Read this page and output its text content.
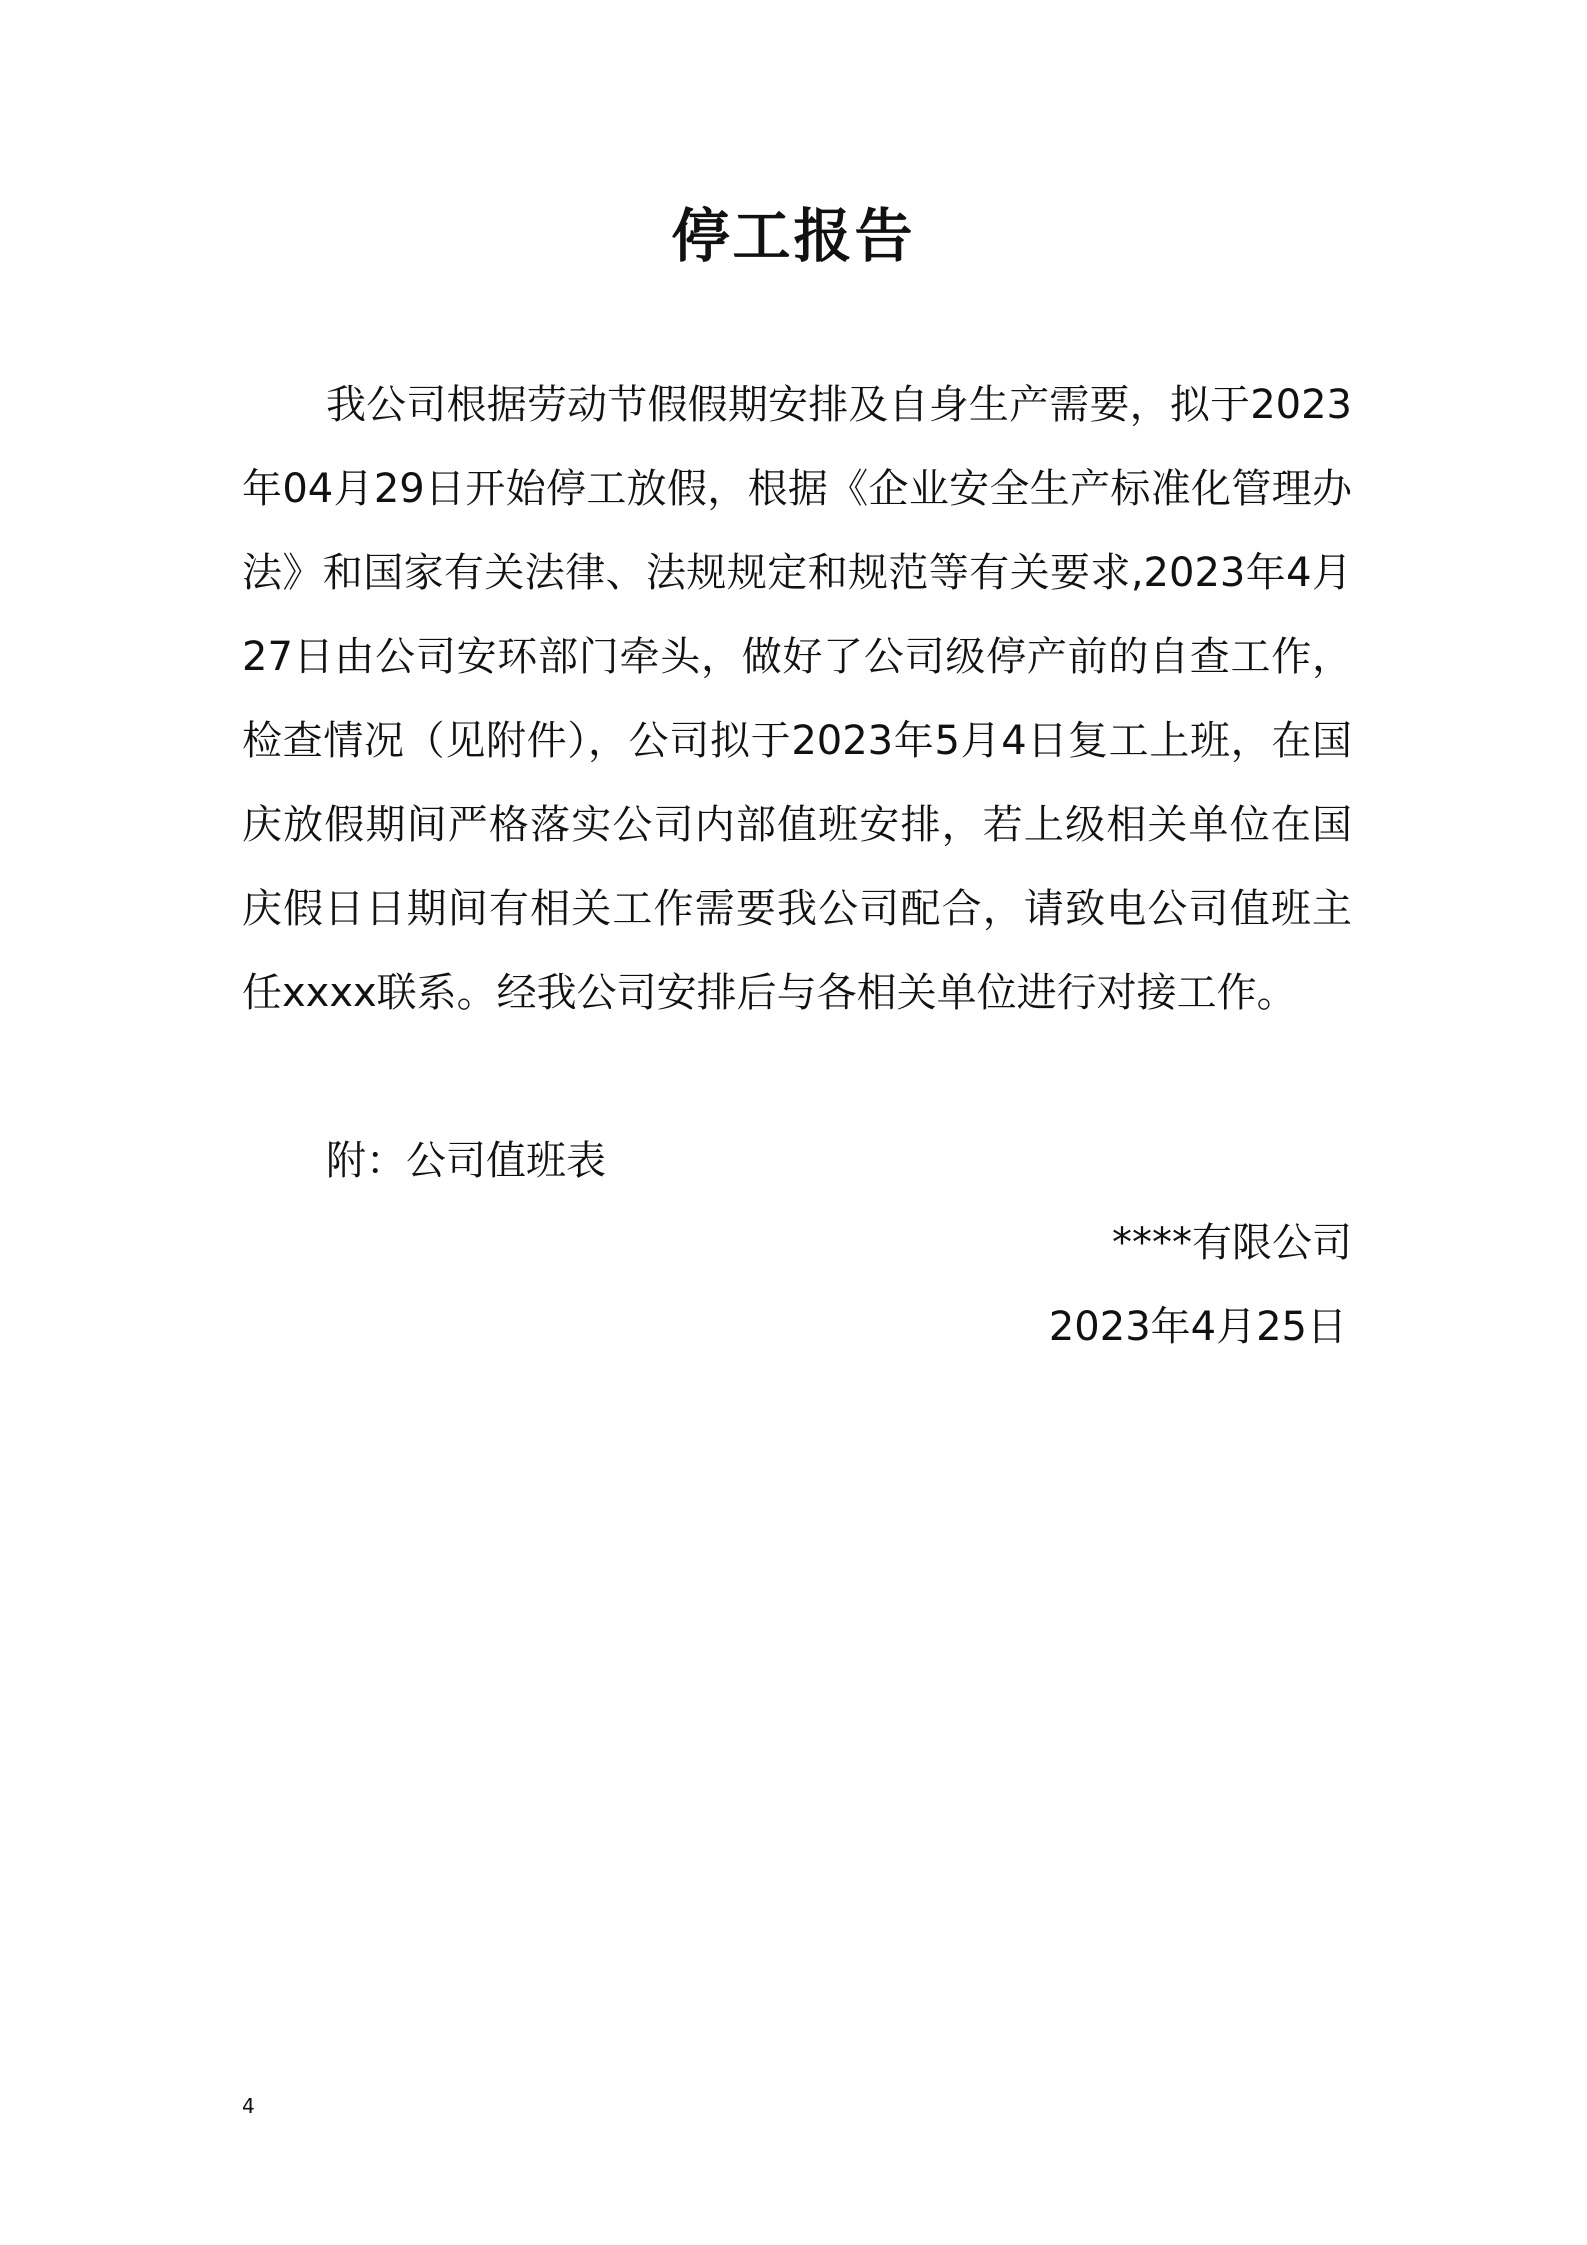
停工报告

我公司根据劳动节假假期安排及自身生产需要，拟于2023年04月29日开始停工放假，根据《企业安全生产标准化管理办法》和国家有关法律、法规规定和规范等有关要求,2023年4月27日由公司安环部门牵头，做好了公司级停产前的自查工作，检查情况（见附件），公司拟于2023年5月4日复工上班，在国庆放假期间严格落实公司内部值班安排，若上级相关单位在国庆假日日期间有相关工作需要我公司配合，请致电公司值班主任xxxx联系。经我公司安排后与各相关单位进行对接工作。

附：公司值班表

****有限公司

2023年4月25日

4
